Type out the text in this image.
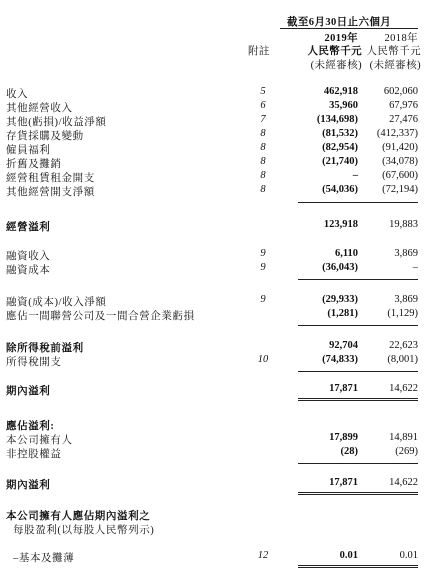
截至6月30日止六個月
2019年	2018年
附註	人民幣千元 人民幣千元
(未經審核) (未經審核)
收入	5	462,918 602,060
其他經營收入	6	35,960	67,976
其他(虧損)/收益淨額	7	(134,698)	27,476
存貨採購及變動	8	(81,532) (412,337)
僱員福利	8	(82,954) (91,420)
折舊及攤銷	8	(21,740) (34,078)
經營租賃租金開支	8	– (67,600)
其他經營開支淨額	8	(54,036) (72,194)
經營溢利	123,918	19,883
融資收入	9	6,110	3,869
融資成本	9	(36,043)	–
融資(成本)/收入淨額	9	(29,933)	3,869
應佔一間聯營公司及一間合營企業虧損	(1,281)	(1,129)
除所得稅前溢利	92,704	22,623
所得稅開支	10	(74,833)	(8,001)
期內溢利	17,871	14,622
應佔溢利:
本公司擁有人	17,899	14,891
非控股權益	(28)	(269)
期內溢利	17,871	14,622
本公司擁有人應佔期內溢利之
每股盈利(以每股人民幣列示)
–基本及攤薄	12	0.01	0.01
